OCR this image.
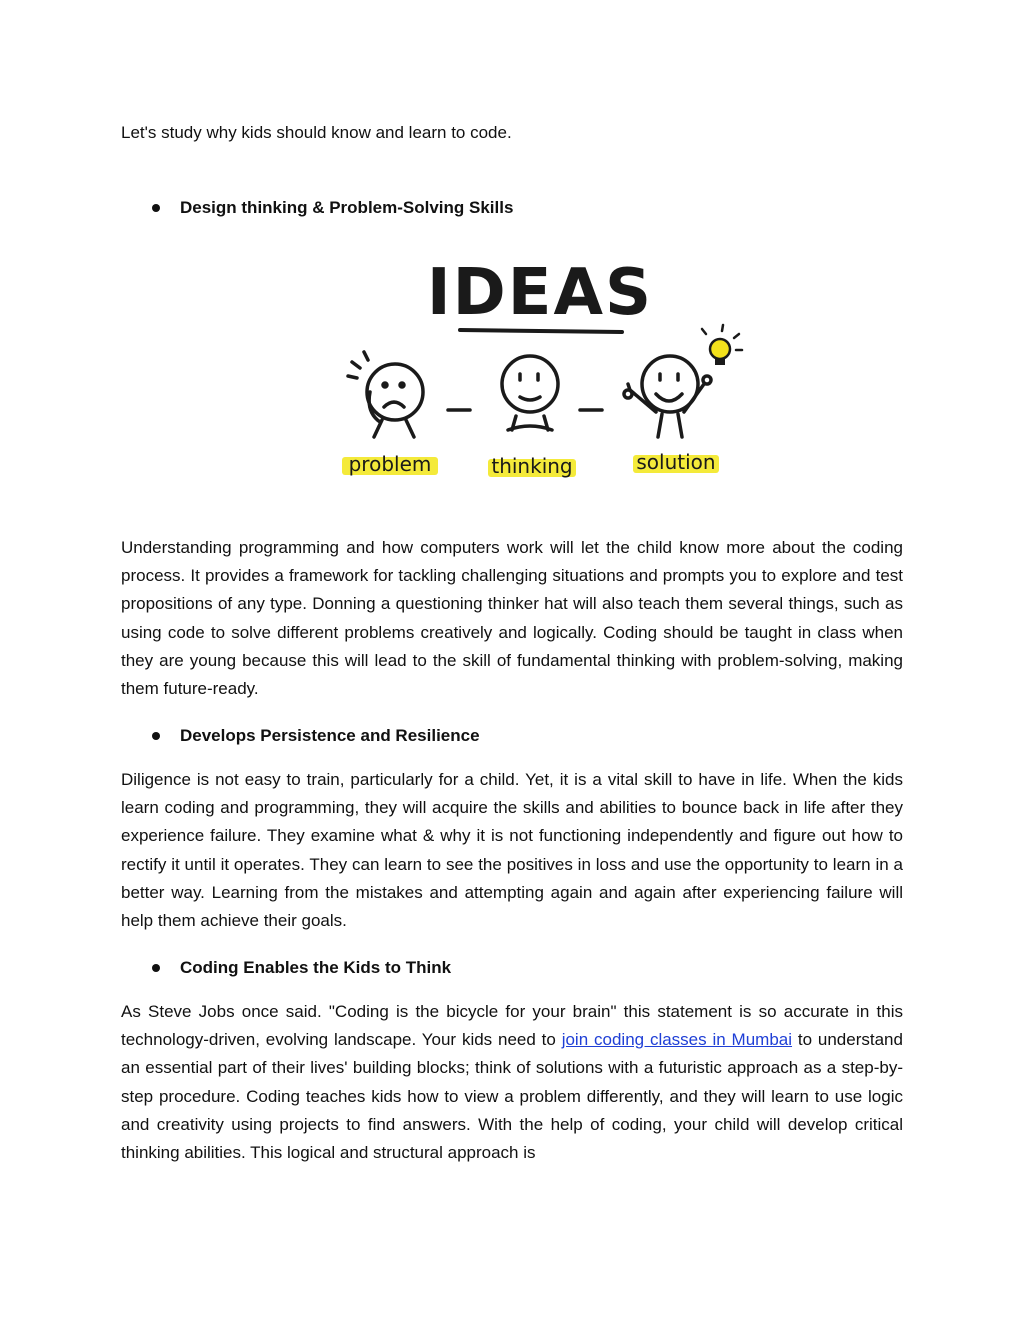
Let's study why kids should know and learn to code.

Design thinking & Problem-Solving Skills
IDEAS
problem	thinking	solution

Understanding programming and how computers work will let the child know more about the coding process. It provides a framework for tackling challenging situations and prompts you to explore and test propositions of any type. Donning a questioning thinker hat will also teach them several things, such as using code to solve different problems creatively and logically. Coding should be taught in class when they are young because this will lead to the skill of fundamental thinking with problem-solving, making them future-ready.

Develops Persistence and Resilience

Diligence is not easy to train, particularly for a child. Yet, it is a vital skill to have in life. When the kids learn coding and programming, they will acquire the skills and abilities to bounce back in life after they experience failure. They examine what & why it is not functioning independently and figure out how to rectify it until it operates. They can learn to see the positives in loss and use the opportunity to learn in a better way. Learning from the mistakes and attempting again and again after experiencing failure will help them achieve their goals.

Coding Enables the Kids to Think

As Steve Jobs once said. "Coding is the bicycle for your brain" this statement is so accurate in this technology-driven, evolving landscape. Your kids need to join coding classes in Mumbai to understand an essential part of their lives' building blocks; think of solutions with a futuristic approach as a step-by-step procedure. Coding teaches kids how to view a problem differently, and they will learn to use logic and creativity using projects to find answers. With the help of coding, your child will develop critical thinking abilities. This logical and structural approach is
